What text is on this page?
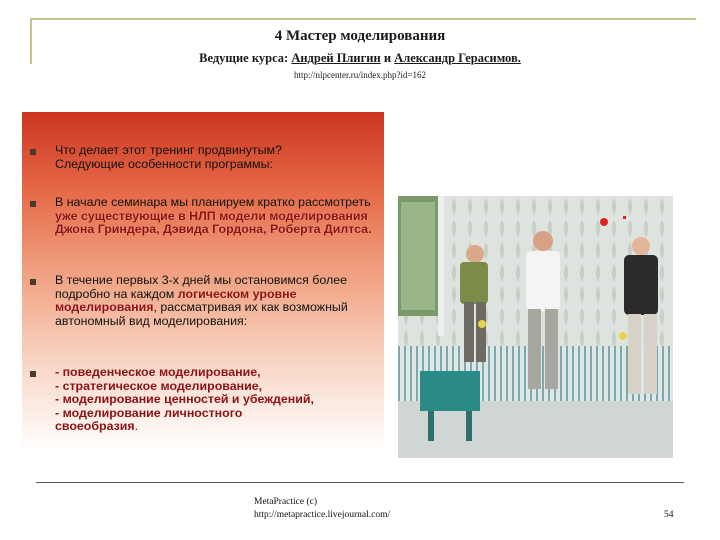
4 Мастер моделирования
Ведущие курса: Андрей Плигин и Александр Герасимов.
http://nlpcenter.ru/index.php?id=162
Что делает этот тренинг продвинутым?
Следующие особенности программы:
В начале семинара мы планируем кратко рассмотреть уже существующие в НЛП модели моделирования Джона Гриндера, Дэвида Гордона, Роберта Дилтса.
В течение первых 3-х дней мы остановимся более подробно на каждом логическом уровне моделирования, рассматривая их как возможный автономный вид моделирования:
- поведенческое моделирование,
- стратегическое моделирование,
- моделирование ценностей и убеждений,
- моделирование личностного
своеобразия.
MetaPractice (c)
http://metapractice.livejournal.com/	54
